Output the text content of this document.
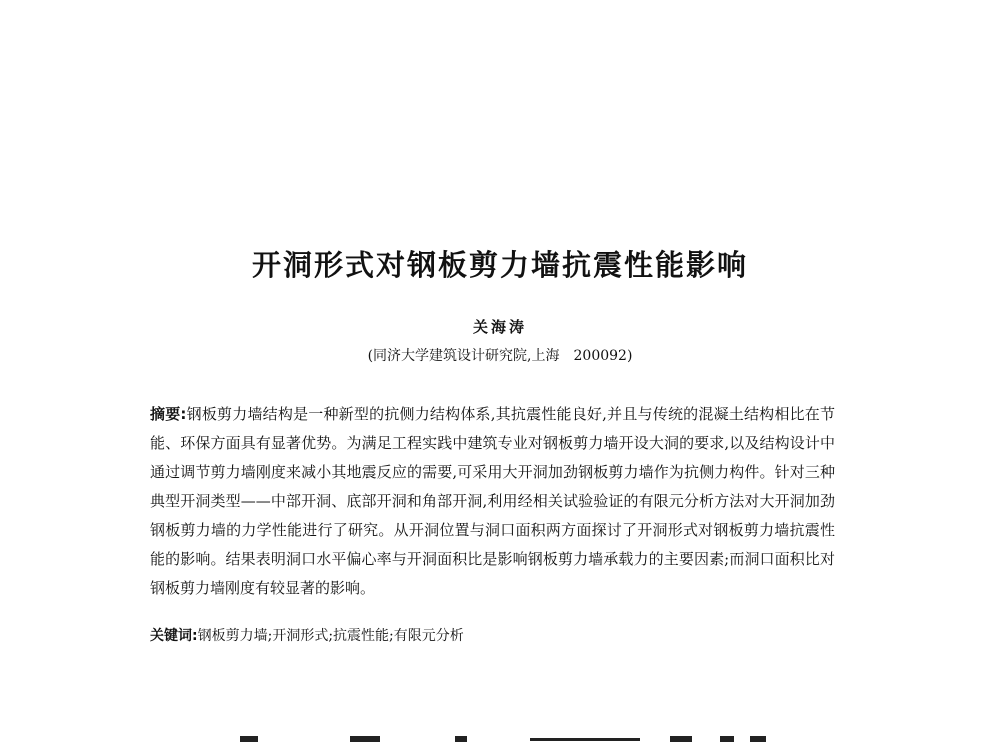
开洞形式对钢板剪力墙抗震性能影响
关海涛
(同济大学建筑设计研究院,上海 200092)

摘要:钢板剪力墙结构是一种新型的抗侧力结构体系,其抗震性能良好,并且与传统的混凝土结构相比在节能、环保方面具有显著优势。为满足工程实践中建筑专业对钢板剪力墙开设大洞的要求,以及结构设计中通过调节剪力墙刚度来减小其地震反应的需要,可采用大开洞加劲钢板剪力墙作为抗侧力构件。针对三种典型开洞类型——中部开洞、底部开洞和角部开洞,利用经相关试验验证的有限元分析方法对大开洞加劲钢板剪力墙的力学性能进行了研究。从开洞位置与洞口面积两方面探讨了开洞形式对钢板剪力墙抗震性能的影响。结果表明洞口水平偏心率与开洞面积比是影响钢板剪力墙承载力的主要因素;而洞口面积比对钢板剪力墙刚度有较显著的影响。

关键词:钢板剪力墙;开洞形式;抗震性能;有限元分析
